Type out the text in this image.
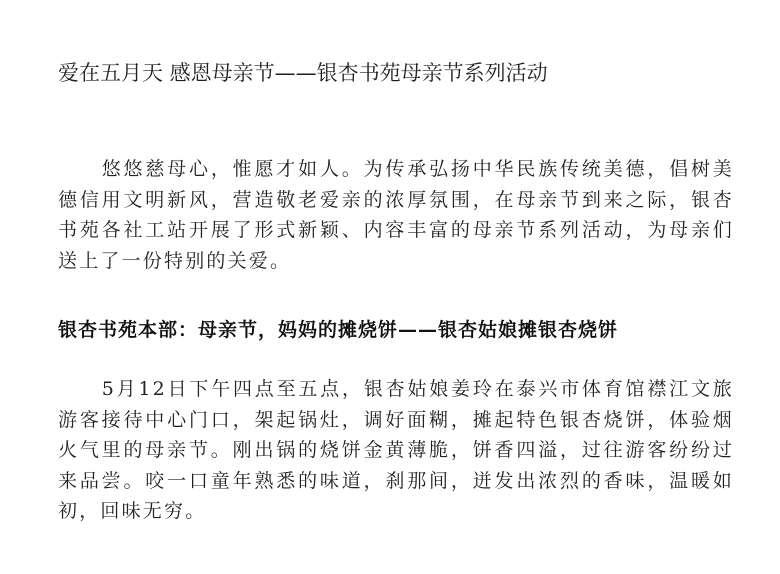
爱在五月天 感恩母亲节——银杏书苑母亲节系列活动

悠悠慈母心，惟愿才如人。为传承弘扬中华民族传统美德，倡树美德信用文明新风，营造敬老爱亲的浓厚氛围，在母亲节到来之际，银杏书苑各社工站开展了形式新颖、内容丰富的母亲节系列活动，为母亲们送上了一份特别的关爱。

银杏书苑本部：母亲节，妈妈的摊烧饼——银杏姑娘摊银杏烧饼

5月12日下午四点至五点，银杏姑娘姜玲在泰兴市体育馆襟江文旅游客接待中心门口，架起锅灶，调好面糊，摊起特色银杏烧饼，体验烟火气里的母亲节。刚出锅的烧饼金黄薄脆，饼香四溢，过往游客纷纷过来品尝。咬一口童年熟悉的味道，刹那间，迸发出浓烈的香味，温暖如初，回味无穷。
